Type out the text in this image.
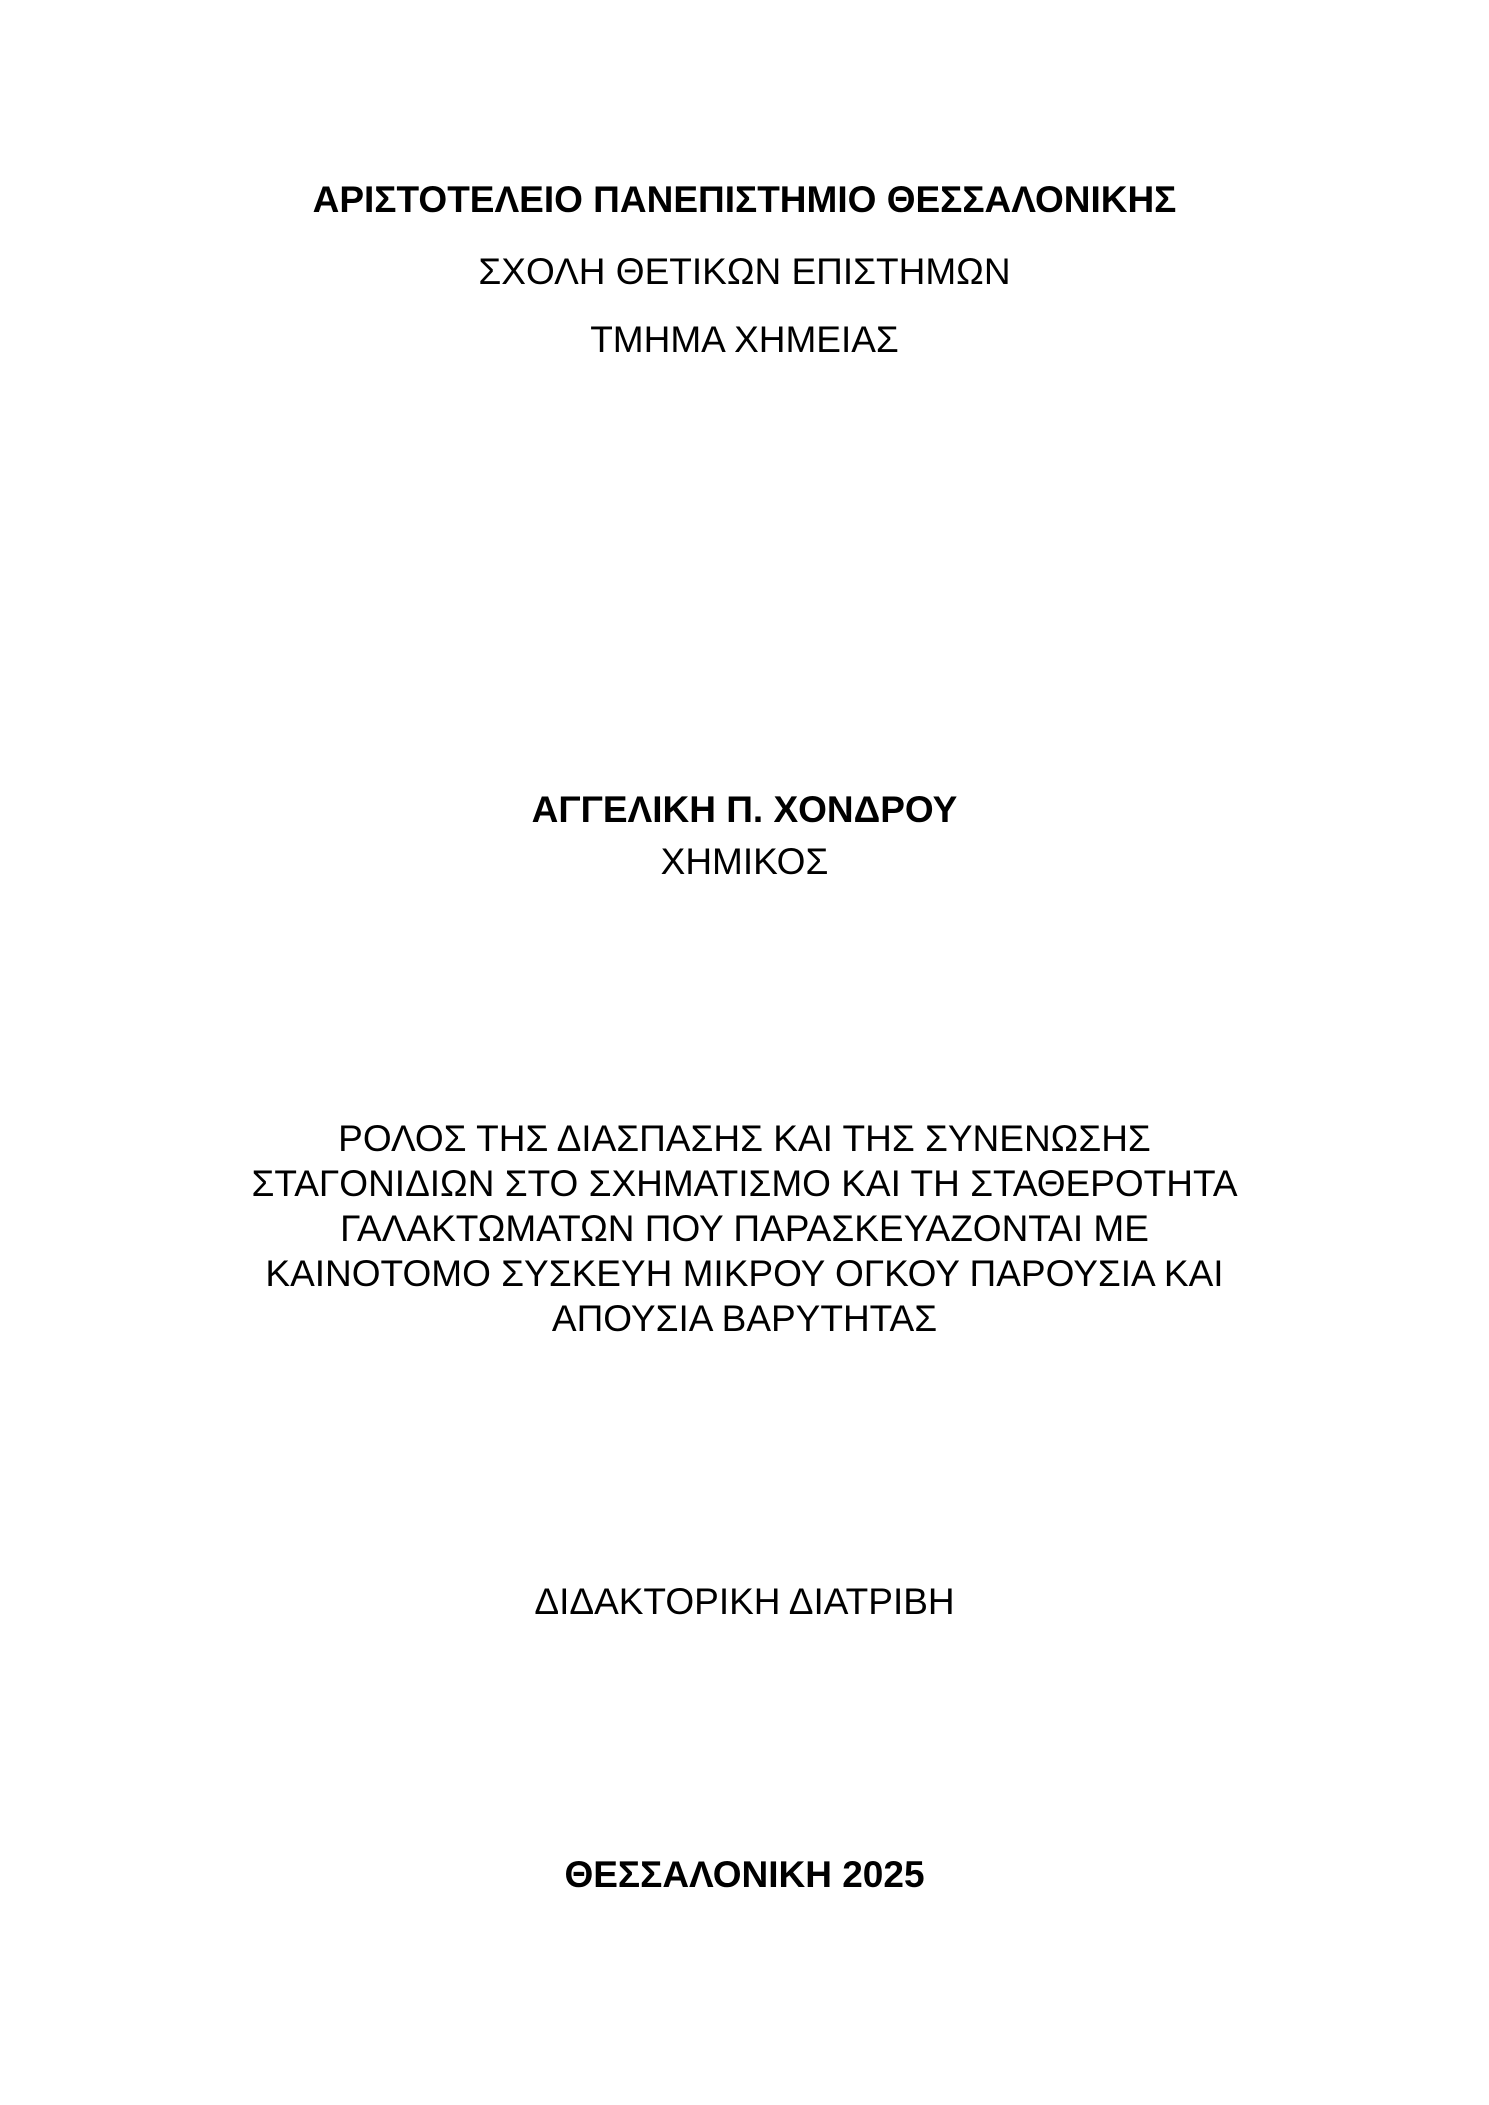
ΑΡΙΣΤΟΤΕΛΕΙΟ ΠΑΝΕΠΙΣΤΗΜΙΟ ΘΕΣΣΑΛΟΝΙΚΗΣ

ΣΧΟΛΗ ΘΕΤΙΚΩΝ ΕΠΙΣΤΗΜΩΝ

ΤΜΗΜΑ ΧΗΜΕΙΑΣ

ΑΓΓΕΛΙΚΗ Π. ΧΟΝΔΡΟΥ

ΧΗΜΙΚΟΣ

ΡΟΛΟΣ ΤΗΣ ΔΙΑΣΠΑΣΗΣ ΚΑΙ ΤΗΣ ΣΥΝΕΝΩΣΗΣ
ΣΤΑΓΟΝΙΔΙΩΝ ΣΤΟ ΣΧΗΜΑΤΙΣΜΟ ΚΑΙ ΤΗ ΣΤΑΘΕΡΟΤΗΤΑ
ΓΑΛΑΚΤΩΜΑΤΩΝ ΠΟΥ ΠΑΡΑΣΚΕΥΑΖΟΝΤΑΙ ΜΕ
ΚΑΙΝΟΤΟΜΟ ΣΥΣΚΕΥΗ ΜΙΚΡΟΥ ΟΓΚΟΥ ΠΑΡΟΥΣΙΑ ΚΑΙ
ΑΠΟΥΣΙΑ ΒΑΡΥΤΗΤΑΣ

ΔΙΔΑΚΤΟΡΙΚΗ ΔΙΑΤΡΙΒΗ

ΘΕΣΣΑΛΟΝΙΚΗ 2025
